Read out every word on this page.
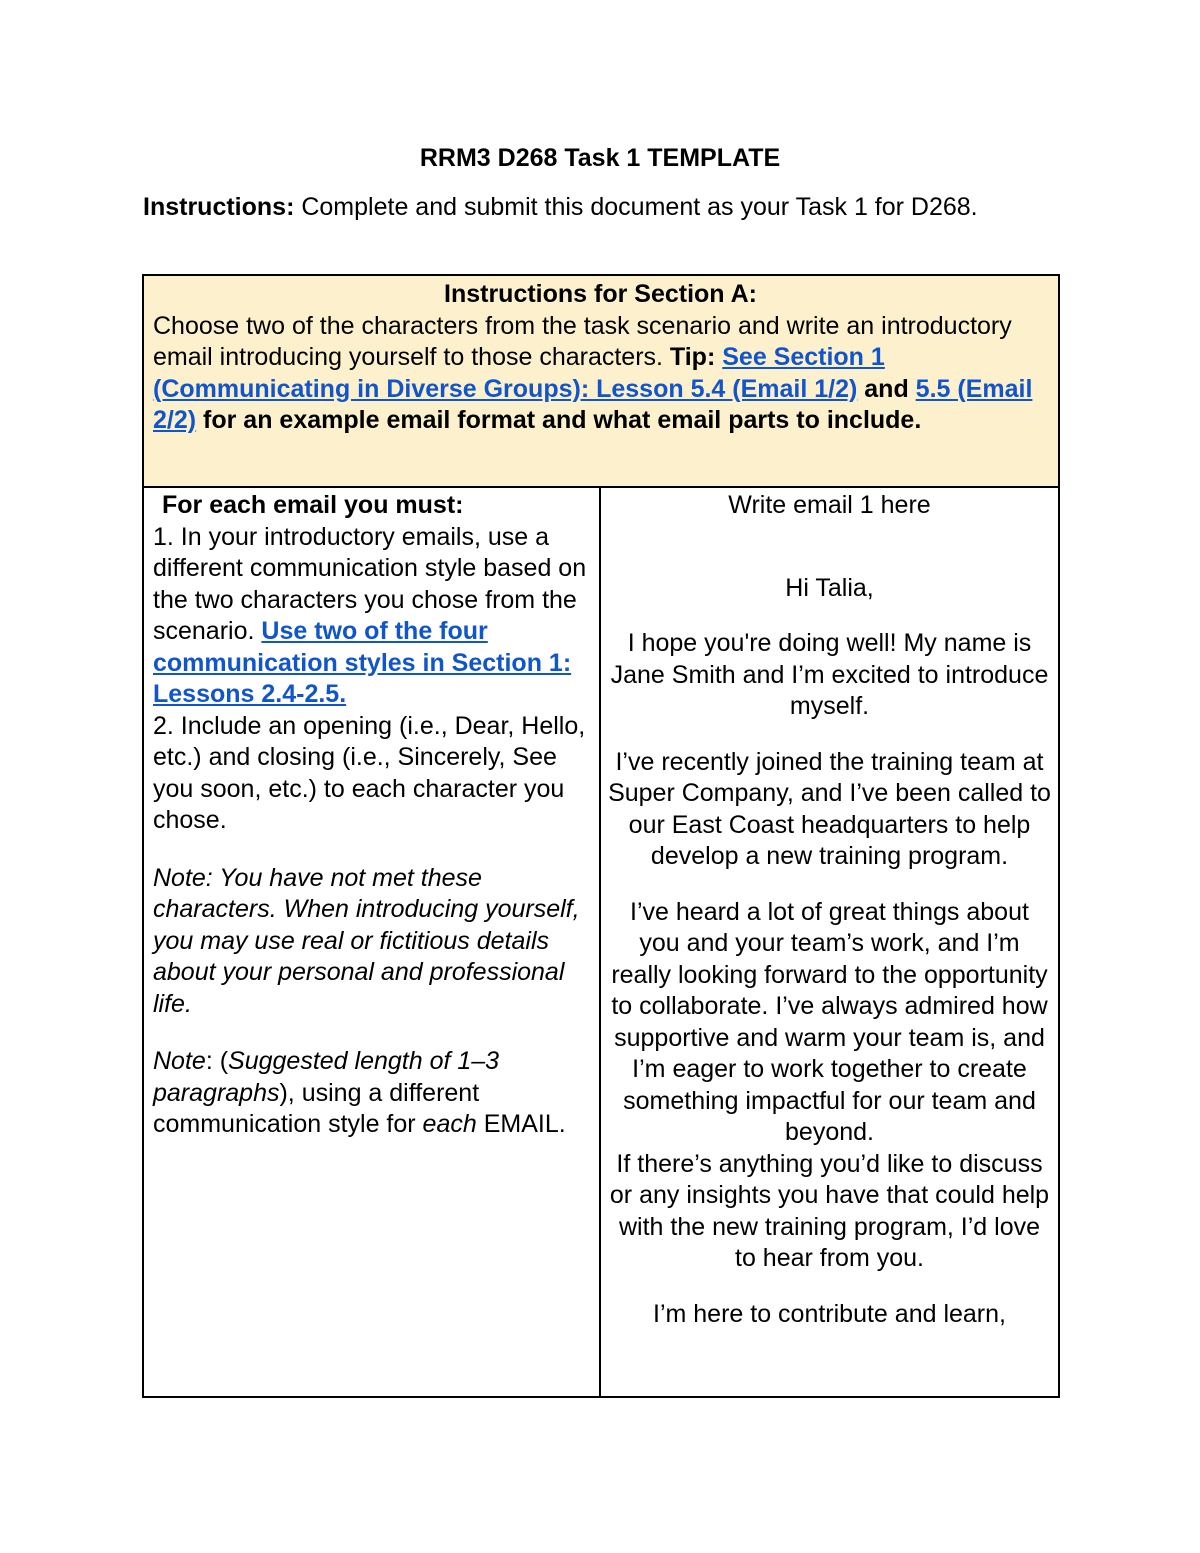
RRM3 D268 Task 1 TEMPLATE
Instructions: Complete and submit this document as your Task 1 for D268.
Instructions for Section A:
Choose two of the characters from the task scenario and write an introductory email introducing yourself to those characters. Tip: See Section 1 (Communicating in Diverse Groups): Lesson 5.4 (Email 1/2) and 5.5 (Email 2/2) for an example email format and what email parts to include.
For each email you must:

1. In your introductory emails, use a different communication style based on the two characters you chose from the scenario. Use two of the four communication styles in Section 1: Lessons 2.4-2.5.

2. Include an opening (i.e., Dear, Hello, etc.) and closing (i.e., Sincerely, See you soon, etc.) to each character you chose.

Note: You have not met these characters. When introducing yourself, you may use real or fictitious details about your personal and professional life.

Note: (Suggested length of 1–3 paragraphs), using a different communication style for each EMAIL.

Write email 1 here

Hi Talia,

I hope you're doing well! My name is Jane Smith and I’m excited to introduce myself.

I’ve recently joined the training team at Super Company, and I’ve been called to our East Coast headquarters to help develop a new training program.

I’ve heard a lot of great things about you and your team’s work, and I’m really looking forward to the opportunity to collaborate. I’ve always admired how supportive and warm your team is, and I’m eager to work together to create something impactful for our team and beyond.

If there’s anything you’d like to discuss or any insights you have that could help with the new training program, I’d love to hear from you.

I’m here to contribute and learn,
